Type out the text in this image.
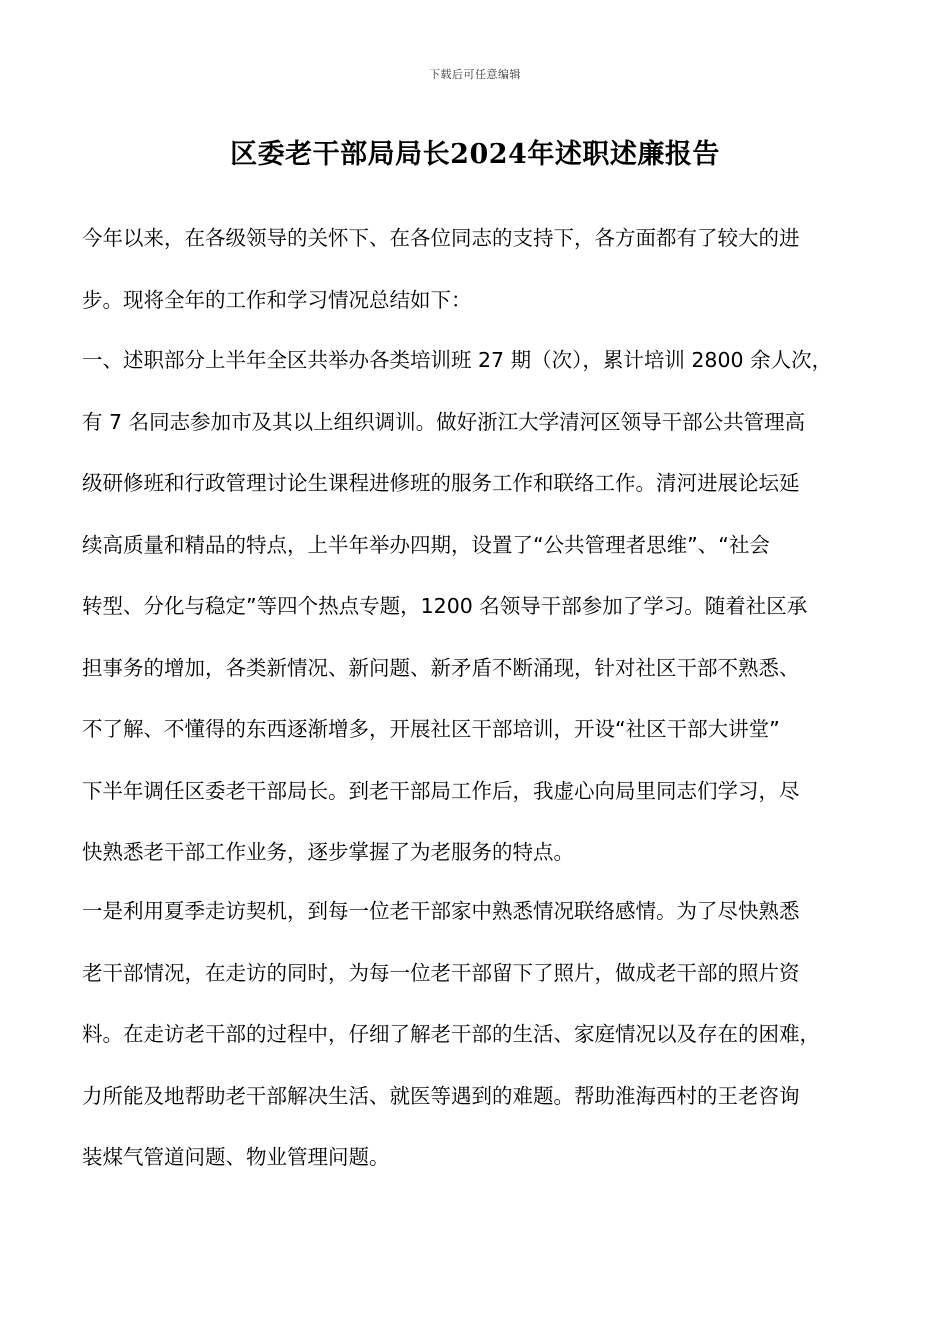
下载后可任意编辑
区委老干部局局长2024年述职述廉报告
今年以来，在各级领导的关怀下、在各位同志的支持下，各方面都有了较大的进
步。现将全年的工作和学习情况总结如下：
一、述职部分上半年全区共举办各类培训班 27 期（次），累计培训 2800 余人次，
有 7 名同志参加市及其以上组织调训。做好浙江大学清河区领导干部公共管理高
级研修班和行政管理讨论生课程进修班的服务工作和联络工作。清河进展论坛延
续高质量和精品的特点，上半年举办四期，设置了“公共管理者思维”、“社会
转型、分化与稳定”等四个热点专题，1200 名领导干部参加了学习。随着社区承
担事务的增加，各类新情况、新问题、新矛盾不断涌现，针对社区干部不熟悉、
不了解、不懂得的东西逐渐增多，开展社区干部培训，开设“社区干部大讲堂”
下半年调任区委老干部局长。到老干部局工作后，我虚心向局里同志们学习，尽
快熟悉老干部工作业务，逐步掌握了为老服务的特点。
一是利用夏季走访契机，到每一位老干部家中熟悉情况联络感情。为了尽快熟悉
老干部情况，在走访的同时，为每一位老干部留下了照片，做成老干部的照片资
料。在走访老干部的过程中，仔细了解老干部的生活、家庭情况以及存在的困难，
力所能及地帮助老干部解决生活、就医等遇到的难题。帮助淮海西村的王老咨询
装煤气管道问题、物业管理问题。
